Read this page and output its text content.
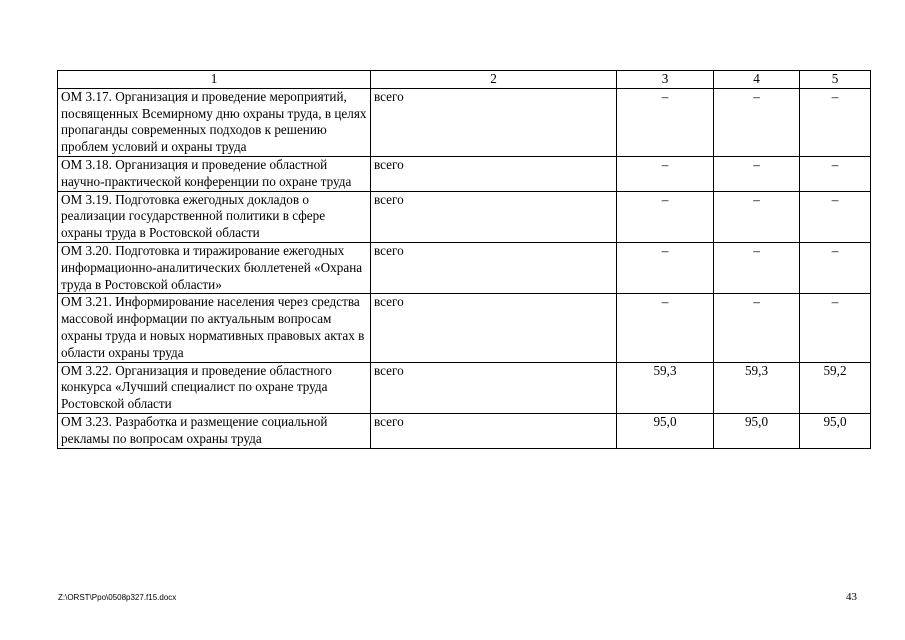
1	2	3	4	5
ОМ 3.17. Организация и проведение мероприятий, посвященных Всемирному дню охраны труда, в целях пропаганды современных подходов к решению проблем условий и охраны труда	всего	–	–	–
ОМ 3.18. Организация и проведение областной научно-практической конференции по охране труда	всего	–	–	–
ОМ 3.19. Подготовка ежегодных докладов о реализации государственной политики в сфере охраны труда в Ростовской области	всего	–	–	–
ОМ 3.20. Подготовка и тиражирование ежегодных информационно-аналитических бюллетеней «Охрана труда в Ростовской области»	всего	–	–	–
ОМ 3.21. Информирование населения через средства массовой информации по актуальным вопросам охраны труда и новых нормативных правовых актах в области охраны труда	всего	–	–	–
ОМ 3.22. Организация и проведение областного конкурса «Лучший специалист по охране труда Ростовской области	всего	59,3	59,3	59,2
ОМ 3.23. Разработка и размещение социальной рекламы по вопросам охраны труда	всего	95,0	95,0	95,0
Z:\ORST\Ppo\0508p327.f15.docx	43
